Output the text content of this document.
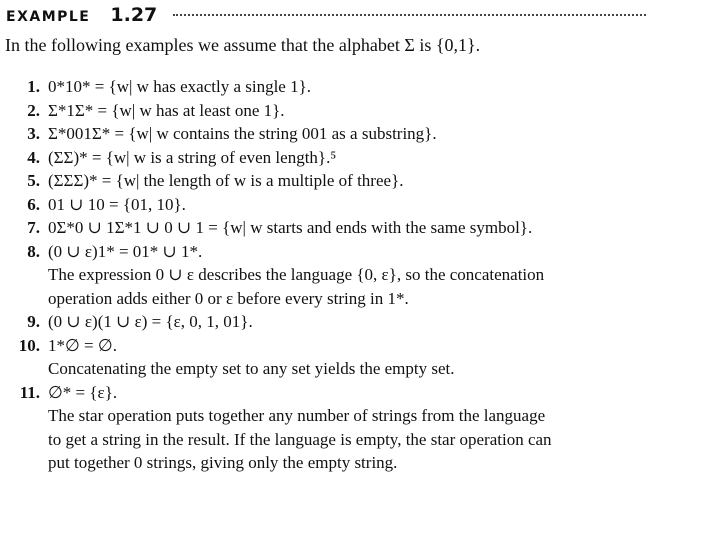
EXAMPLE 1.27
In the following examples we assume that the alphabet Σ is {0,1}.
1. 0*10* = {w| w has exactly a single 1}.
2. Σ*1Σ* = {w| w has at least one 1}.
3. Σ*001Σ* = {w| w contains the string 001 as a substring}.
4. (ΣΣ)* = {w| w is a string of even length}.⁵
5. (ΣΣΣ)* = {w| the length of w is a multiple of three}.
6. 01 ∪ 10 = {01, 10}.
7. 0Σ*0 ∪ 1Σ*1 ∪ 0 ∪ 1 = {w| w starts and ends with the same symbol}.
8. (0 ∪ ε)1* = 01* ∪ 1*.
The expression 0 ∪ ε describes the language {0, ε}, so the concatenation
operation adds either 0 or ε before every string in 1*.
9. (0 ∪ ε)(1 ∪ ε) = {ε, 0, 1, 01}.
10. 1*∅ = ∅.
Concatenating the empty set to any set yields the empty set.
11. ∅* = {ε}.
The star operation puts together any number of strings from the language
to get a string in the result. If the language is empty, the star operation can
put together 0 strings, giving only the empty string.
